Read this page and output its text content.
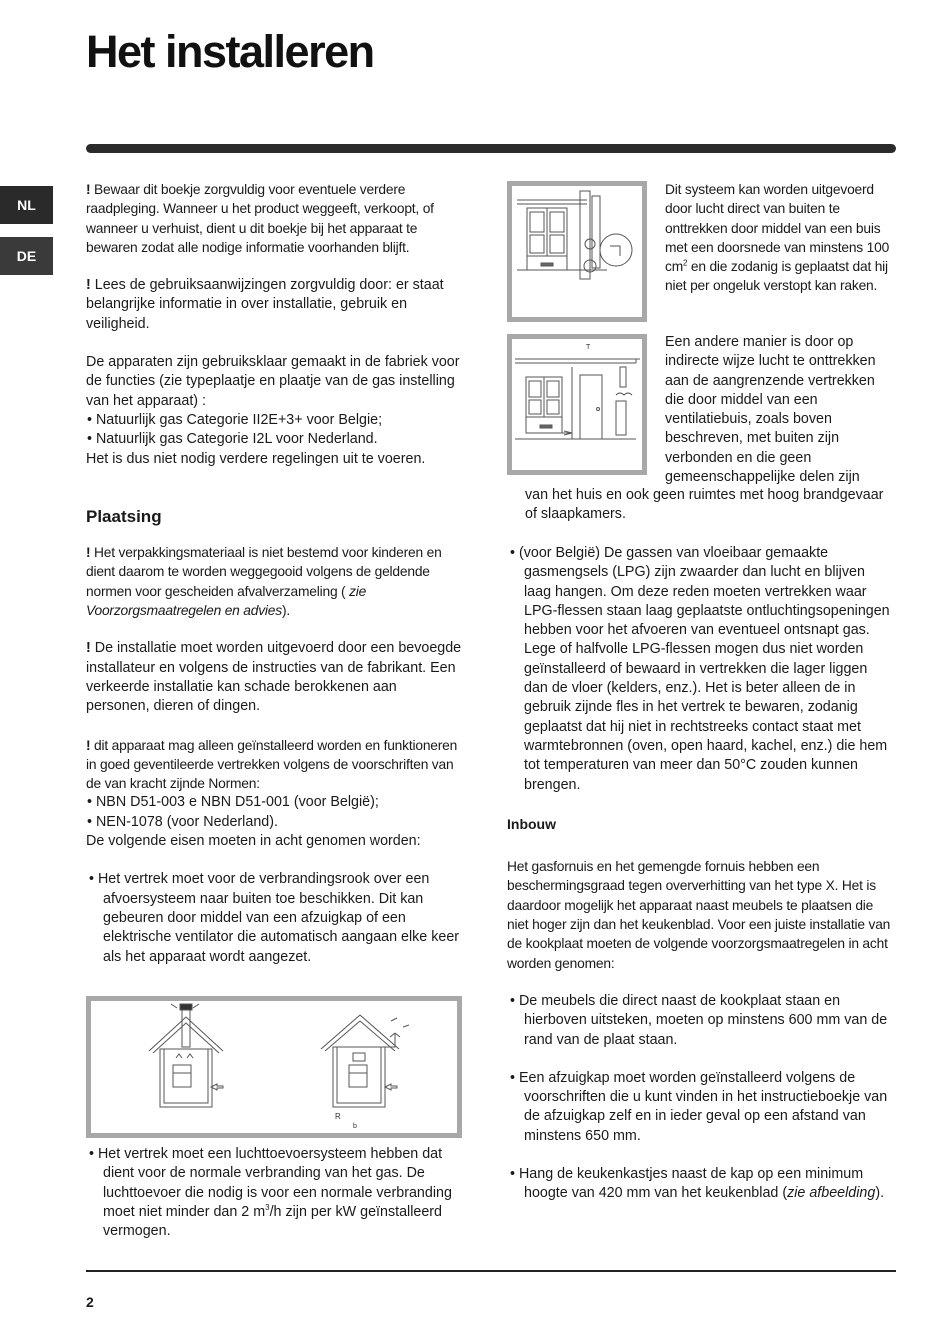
Het installeren
NL
DE

! Bewaar dit boekje zorgvuldig voor eventuele verdere raadpleging. Wanneer u het product weggeeft, verkoopt, of wanneer u verhuist, dient u dit boekje bij het apparaat te bewaren zodat alle nodige informatie voorhanden blijft.

! Lees de gebruiksaanwijzingen zorgvuldig door: er staat belangrijke informatie in over installatie, gebruik en veiligheid.

De apparaten zijn gebruiksklaar gemaakt in de fabriek voor de functies (zie typeplaatje en plaatje van de gas instelling van het apparaat) :

• Natuurlijk gas Categorie II2E+3+ voor Belgie;

• Natuurlijk gas Categorie I2L voor Nederland.

Het is dus niet nodig verdere regelingen uit te voeren.

Plaatsing

! Het verpakkingsmateriaal is niet bestemd voor kinderen en dient daarom te worden weggegooid volgens de geldende normen voor gescheiden afvalverzameling ( zie Voorzorgsmaatregelen en advies).

! De installatie moet worden uitgevoerd door een bevoegde installateur en volgens de instructies van de fabrikant. Een verkeerde installatie kan schade berokkenen aan personen, dieren of dingen.

! dit apparaat mag alleen geïnstalleerd worden en funktioneren in goed geventileerde vertrekken volgens de voorschriften van de van kracht zijnde Normen:

• NBN D51-003 e NBN D51-001 (voor België);

• NEN-1078 (voor Nederland).

De volgende eisen moeten in acht genomen worden:

• Het vertrek moet voor de verbrandingsrook over een afvoersysteem naar buiten toe beschikken. Dit kan gebeuren door middel van een afzuigkap of een elektrische ventilator die automatisch aangaan elke keer als het apparaat wordt aangezet.

R
b

• Het vertrek moet een luchttoevoersysteem hebben dat dient voor de normale verbranding van het gas. De luchttoevoer die nodig is voor een normale verbranding moet niet minder dan 2 $m^3/h$ zijn per kW geïnstalleerd vermogen.

Dit systeem kan worden uitgevoerd door lucht direct van buiten te onttrekken door middel van een buis met een doorsnede van minstens 100 $cm^2$ en die zodanig is geplaatst dat hij niet per ongeluk verstopt kan raken.

T	Een andere manier is door op indirecte wijze lucht te onttrekken aan de aangrenzende vertrekken die door middel van een ventilatiebuis, zoals boven beschreven, met buiten zijn verbonden en die geen gemeenschappelijke delen zijn

van het huis en ook geen ruimtes met hoog brandgevaar of slaapkamers.

• (voor België) De gassen van vloeibaar gemaakte gasmengsels (LPG) zijn zwaarder dan lucht en blijven laag hangen. Om deze reden moeten vertrekken waar LPG-flessen staan laag geplaatste ontluchtingsopeningen hebben voor het afvoeren van eventueel ontsnapt gas. Lege of halfvolle LPG-flessen mogen dus niet worden geïnstalleerd of bewaard in vertrekken die lager liggen dan de vloer (kelders, enz.). Het is beter alleen de in gebruik zijnde fles in het vertrek te bewaren, zodanig geplaatst dat hij niet in rechtstreeks contact staat met warmtebronnen (oven, open haard, kachel, enz.) die hem tot temperaturen van meer dan 50°C zouden kunnen brengen.

Inbouw

Het gasfornuis en het gemengde fornuis hebben een beschermingsgraad tegen oververhitting van het type X. Het is daardoor mogelijk het apparaat naast meubels te plaatsen die niet hoger zijn dan het keukenblad. Voor een juiste installatie van de kookplaat moeten de volgende voorzorgsmaatregelen in acht worden genomen:

• De meubels die direct naast de kookplaat staan en hierboven uitsteken, moeten op minstens 600 mm van de rand van de plaat staan.

• Een afzuigkap moet worden geïnstalleerd volgens de voorschriften die u kunt vinden in het instructieboekje van de afzuigkap zelf en in ieder geval op een afstand van minstens 650 mm.

• Hang de keukenkastjes naast de kap op een minimum hoogte van 420 mm van het keukenblad (zie afbeelding).

2
